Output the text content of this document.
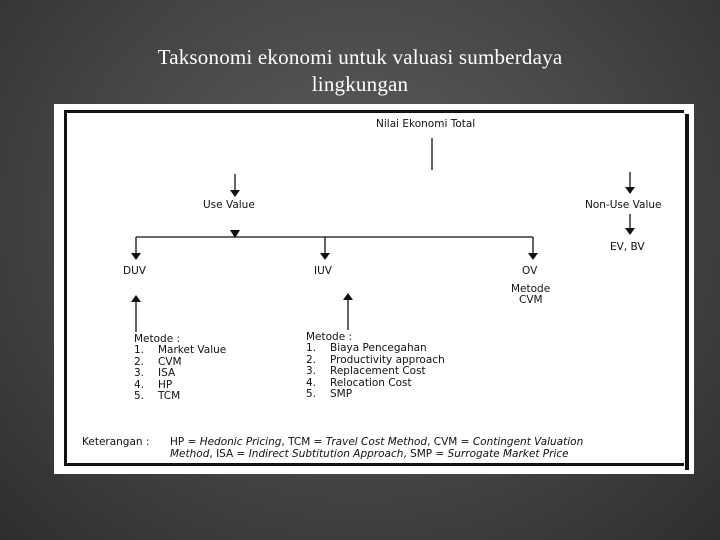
Taksonomi ekonomi untuk valuasi sumberdaya
lingkungan
Nilai Ekonomi Total
Use Value	Non-Use Value
EV, BV
DUV	IUV	OV
Metode
CVM
Metode :
1. Market Value
2. CVM
3. ISA
4. HP
5. TCM
Metode :
1. Biaya Pencegahan
2. Productivity approach
3. Replacement Cost
4. Relocation Cost
5. SMP
Keterangan : HP = Hedonic Pricing, TCM = Travel Cost Method, CVM = Contingent Valuation
Method, ISA = Indirect Subtitution Approach, SMP = Surrogate Market Price
